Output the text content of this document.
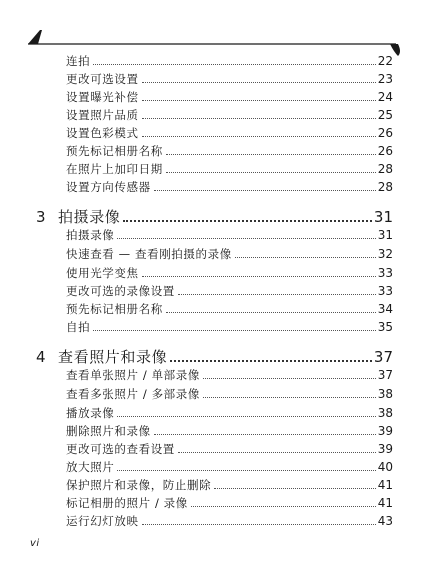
连拍	22
更改可选设置	23
设置曝光补偿	24
设置照片品质	25
设置色彩模式	26
预先标记相册名称	26
在照片上加印日期	28
设置方向传感器	28
3 拍摄录像	31
拍摄录像	31
快速查看 — 查看刚拍摄的录像	32
使用光学变焦	33
更改可选的录像设置	33
预先标记相册名称	34
自拍	35
4 查看照片和录像	37
查看单张照片 / 单部录像	37
查看多张照片 / 多部录像	38
播放录像	38
删除照片和录像	39
更改可选的查看设置	39
放大照片	40
保护照片和录像，防止删除	41
标记相册的照片 / 录像	41
运行幻灯放映	43
vi
